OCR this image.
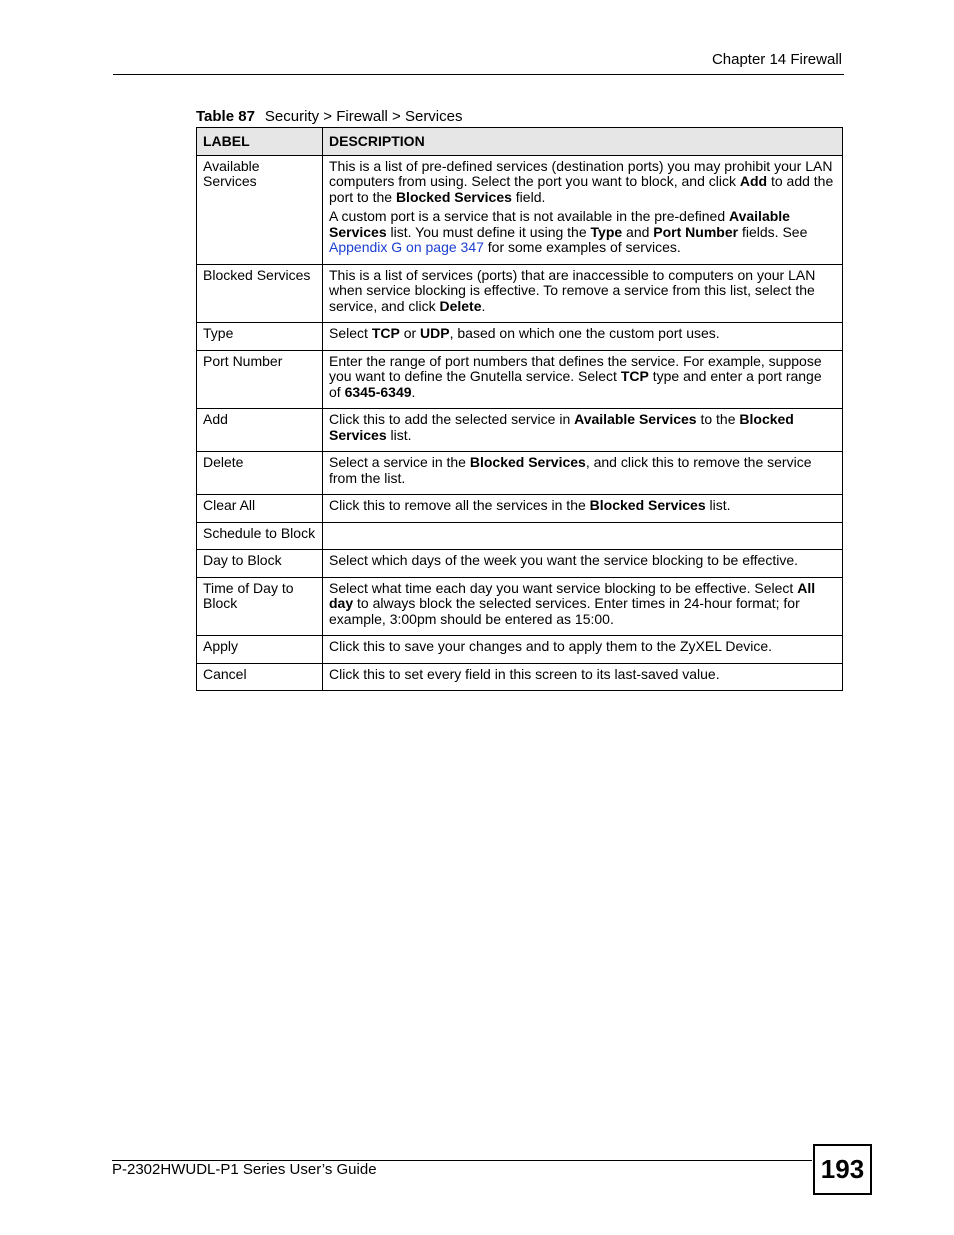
Chapter 14 Firewall
Table 87 Security > Firewall > Services
LABEL	DESCRIPTION
Available Services	This is a list of pre-defined services (destination ports) you may prohibit your LAN computers from using. Select the port you want to block, and click Add to add the port to the Blocked Services field.

A custom port is a service that is not available in the pre-defined Available Services list. You must define it using the Type and Port Number fields. See Appendix G on page 347 for some examples of services.

Blocked Services	This is a list of services (ports) that are inaccessible to computers on your LAN when service blocking is effective. To remove a service from this list, select the service, and click Delete.

Type	Select TCP or UDP, based on which one the custom port uses.

Port Number	Enter the range of port numbers that defines the service. For example, suppose you want to define the Gnutella service. Select TCP type and enter a port range of 6345-6349.

Add	Click this to add the selected service in Available Services to the Blocked Services list.

Delete	Select a service in the Blocked Services, and click this to remove the service from the list.

Clear All	Click this to remove all the services in the Blocked Services list.

Schedule to Block	
Day to Block	Select which days of the week you want the service blocking to be effective.

Time of Day to Block	Select what time each day you want service blocking to be effective. Select All day to always block the selected services. Enter times in 24-hour format; for example, 3:00pm should be entered as 15:00.

Apply	Click this to save your changes and to apply them to the ZyXEL Device.

Cancel	Click this to set every field in this screen to its last-saved value.

P-2302HWUDL-P1 Series User’s Guide	193
